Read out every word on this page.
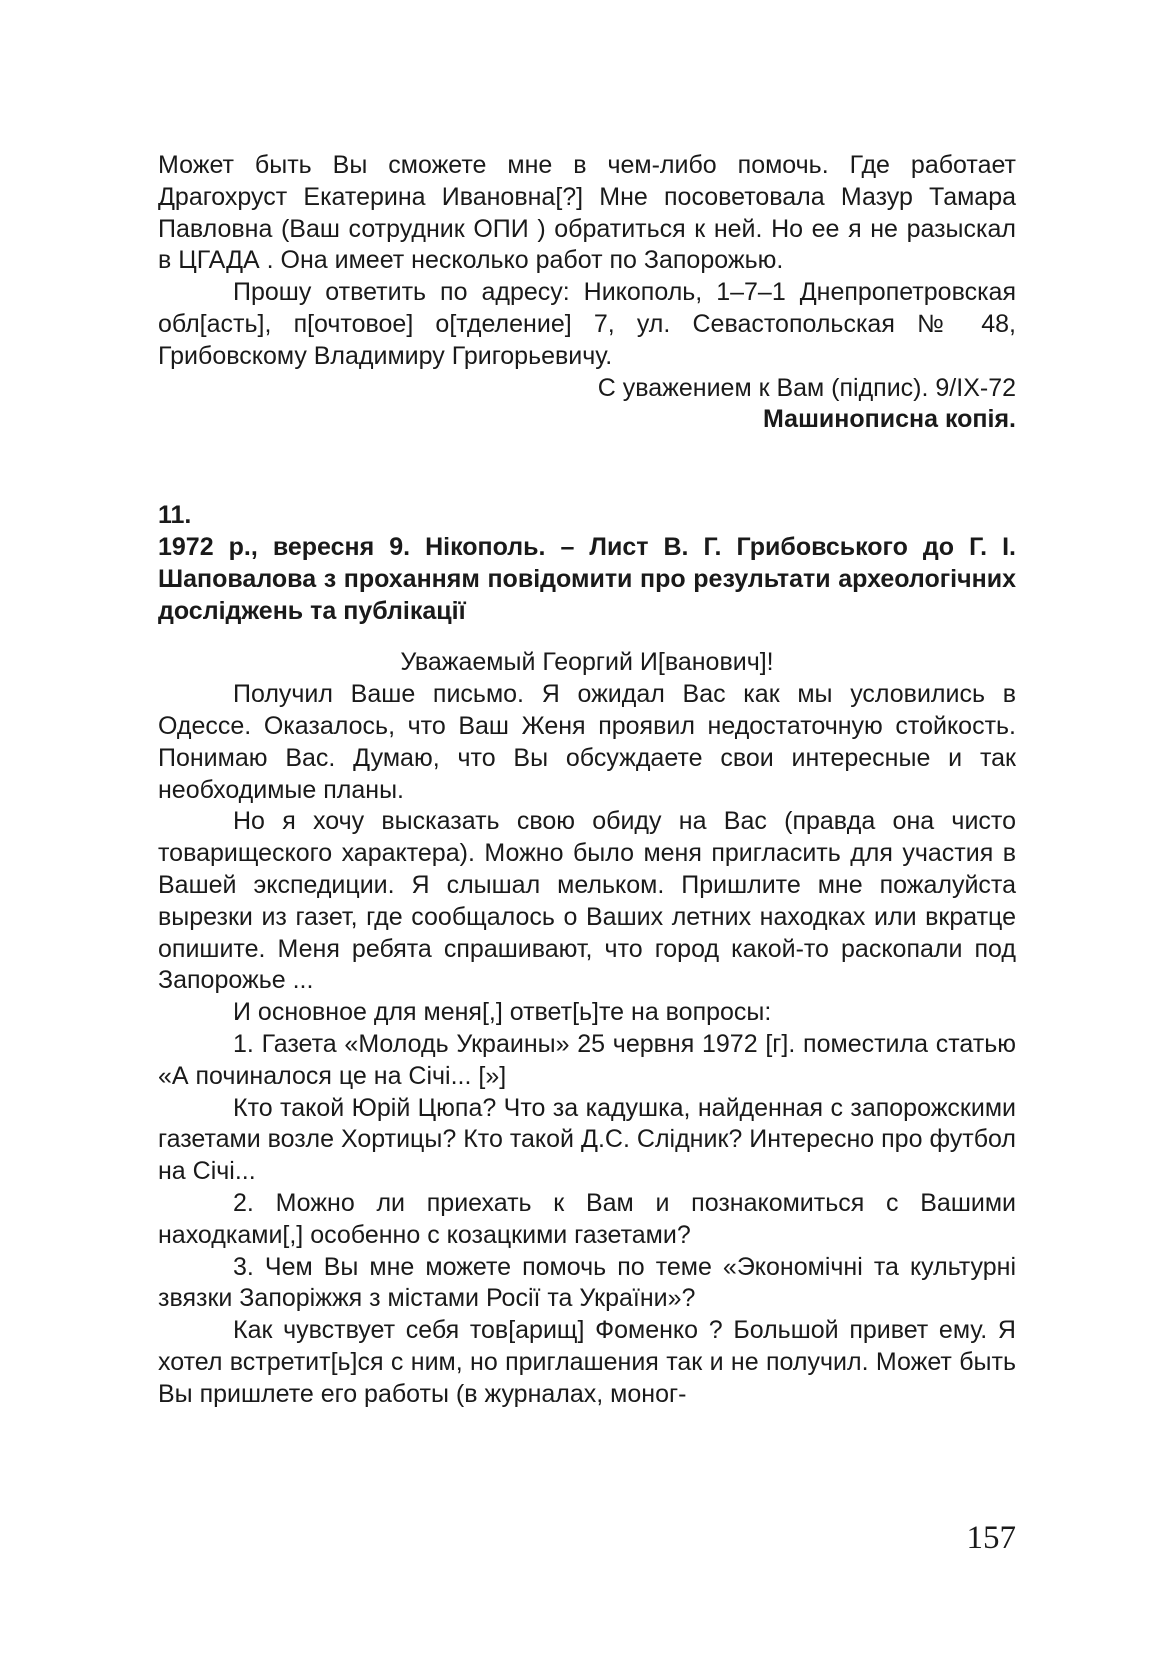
Может быть Вы сможете мне в чем-либо помочь. Где работает Драгохруст Екатерина Ивановна[?] Мне посоветовала Мазур Тамара Павловна (Ваш сотрудник ОПИ ) обратиться к ней. Но ее я не разыскал в ЦГАДА . Она имеет несколько работ по Запорожью.

Прошу ответить по адресу: Никополь, 1–7–1 Днепропетровская обл[асть], п[очтовое] о[тделение] 7, ул. Севастопольская № 48, Грибовскому Владимиру Григорьевичу.

С уважением к Вам (підпис). 9/IX-72

Машинописна копія.

11.

1972 р., вересня 9. Нікополь. – Лист В. Г. Грибовського до Г. І. Шаповалова з проханням повідомити про результати археологічних досліджень та публікації

Уважаемый Георгий И[ванович]!

Получил Ваше письмо. Я ожидал Вас как мы условились в Одессе. Оказалось, что Ваш Женя проявил недостаточную стойкость. Понимаю Вас. Думаю, что Вы обсуждаете свои интересные и так необходимые планы.

Но я хочу высказать свою обиду на Вас (правда она чисто товарищеского характера). Можно было меня пригласить для участия в Вашей экспедиции. Я слышал мельком. Пришлите мне пожалуйста вырезки из газет, где сообщалось о Ваших летних находках или вкратце опишите. Меня ребята спрашивают, что город какой-то раскопали под Запорожье ...

И основное для меня[,] ответ[ь]те на вопросы:

1. Газета «Молодь Украины» 25 червня 1972 [г]. поместила статью «А починалося це на Січі... [»]

Кто такой Юрій Цюпа? Что за кадушка, найденная с запорожскими газетами возле Хортицы? Кто такой Д.С. Слідник? Интересно про футбол на Січі...

2. Можно ли приехать к Вам и познакомиться с Вашими находками[,] особенно с козацкими газетами?

3. Чем Вы мне можете помочь по теме «Экономічні та культурні звязки Запоріжжя з містами Росії та України»?

Как чувствует себя тов[арищ] Фоменко ? Большой привет ему. Я хотел встретит[ь]ся с ним, но приглашения так и не получил. Может быть Вы пришлете его работы (в журналах, моног-

157
